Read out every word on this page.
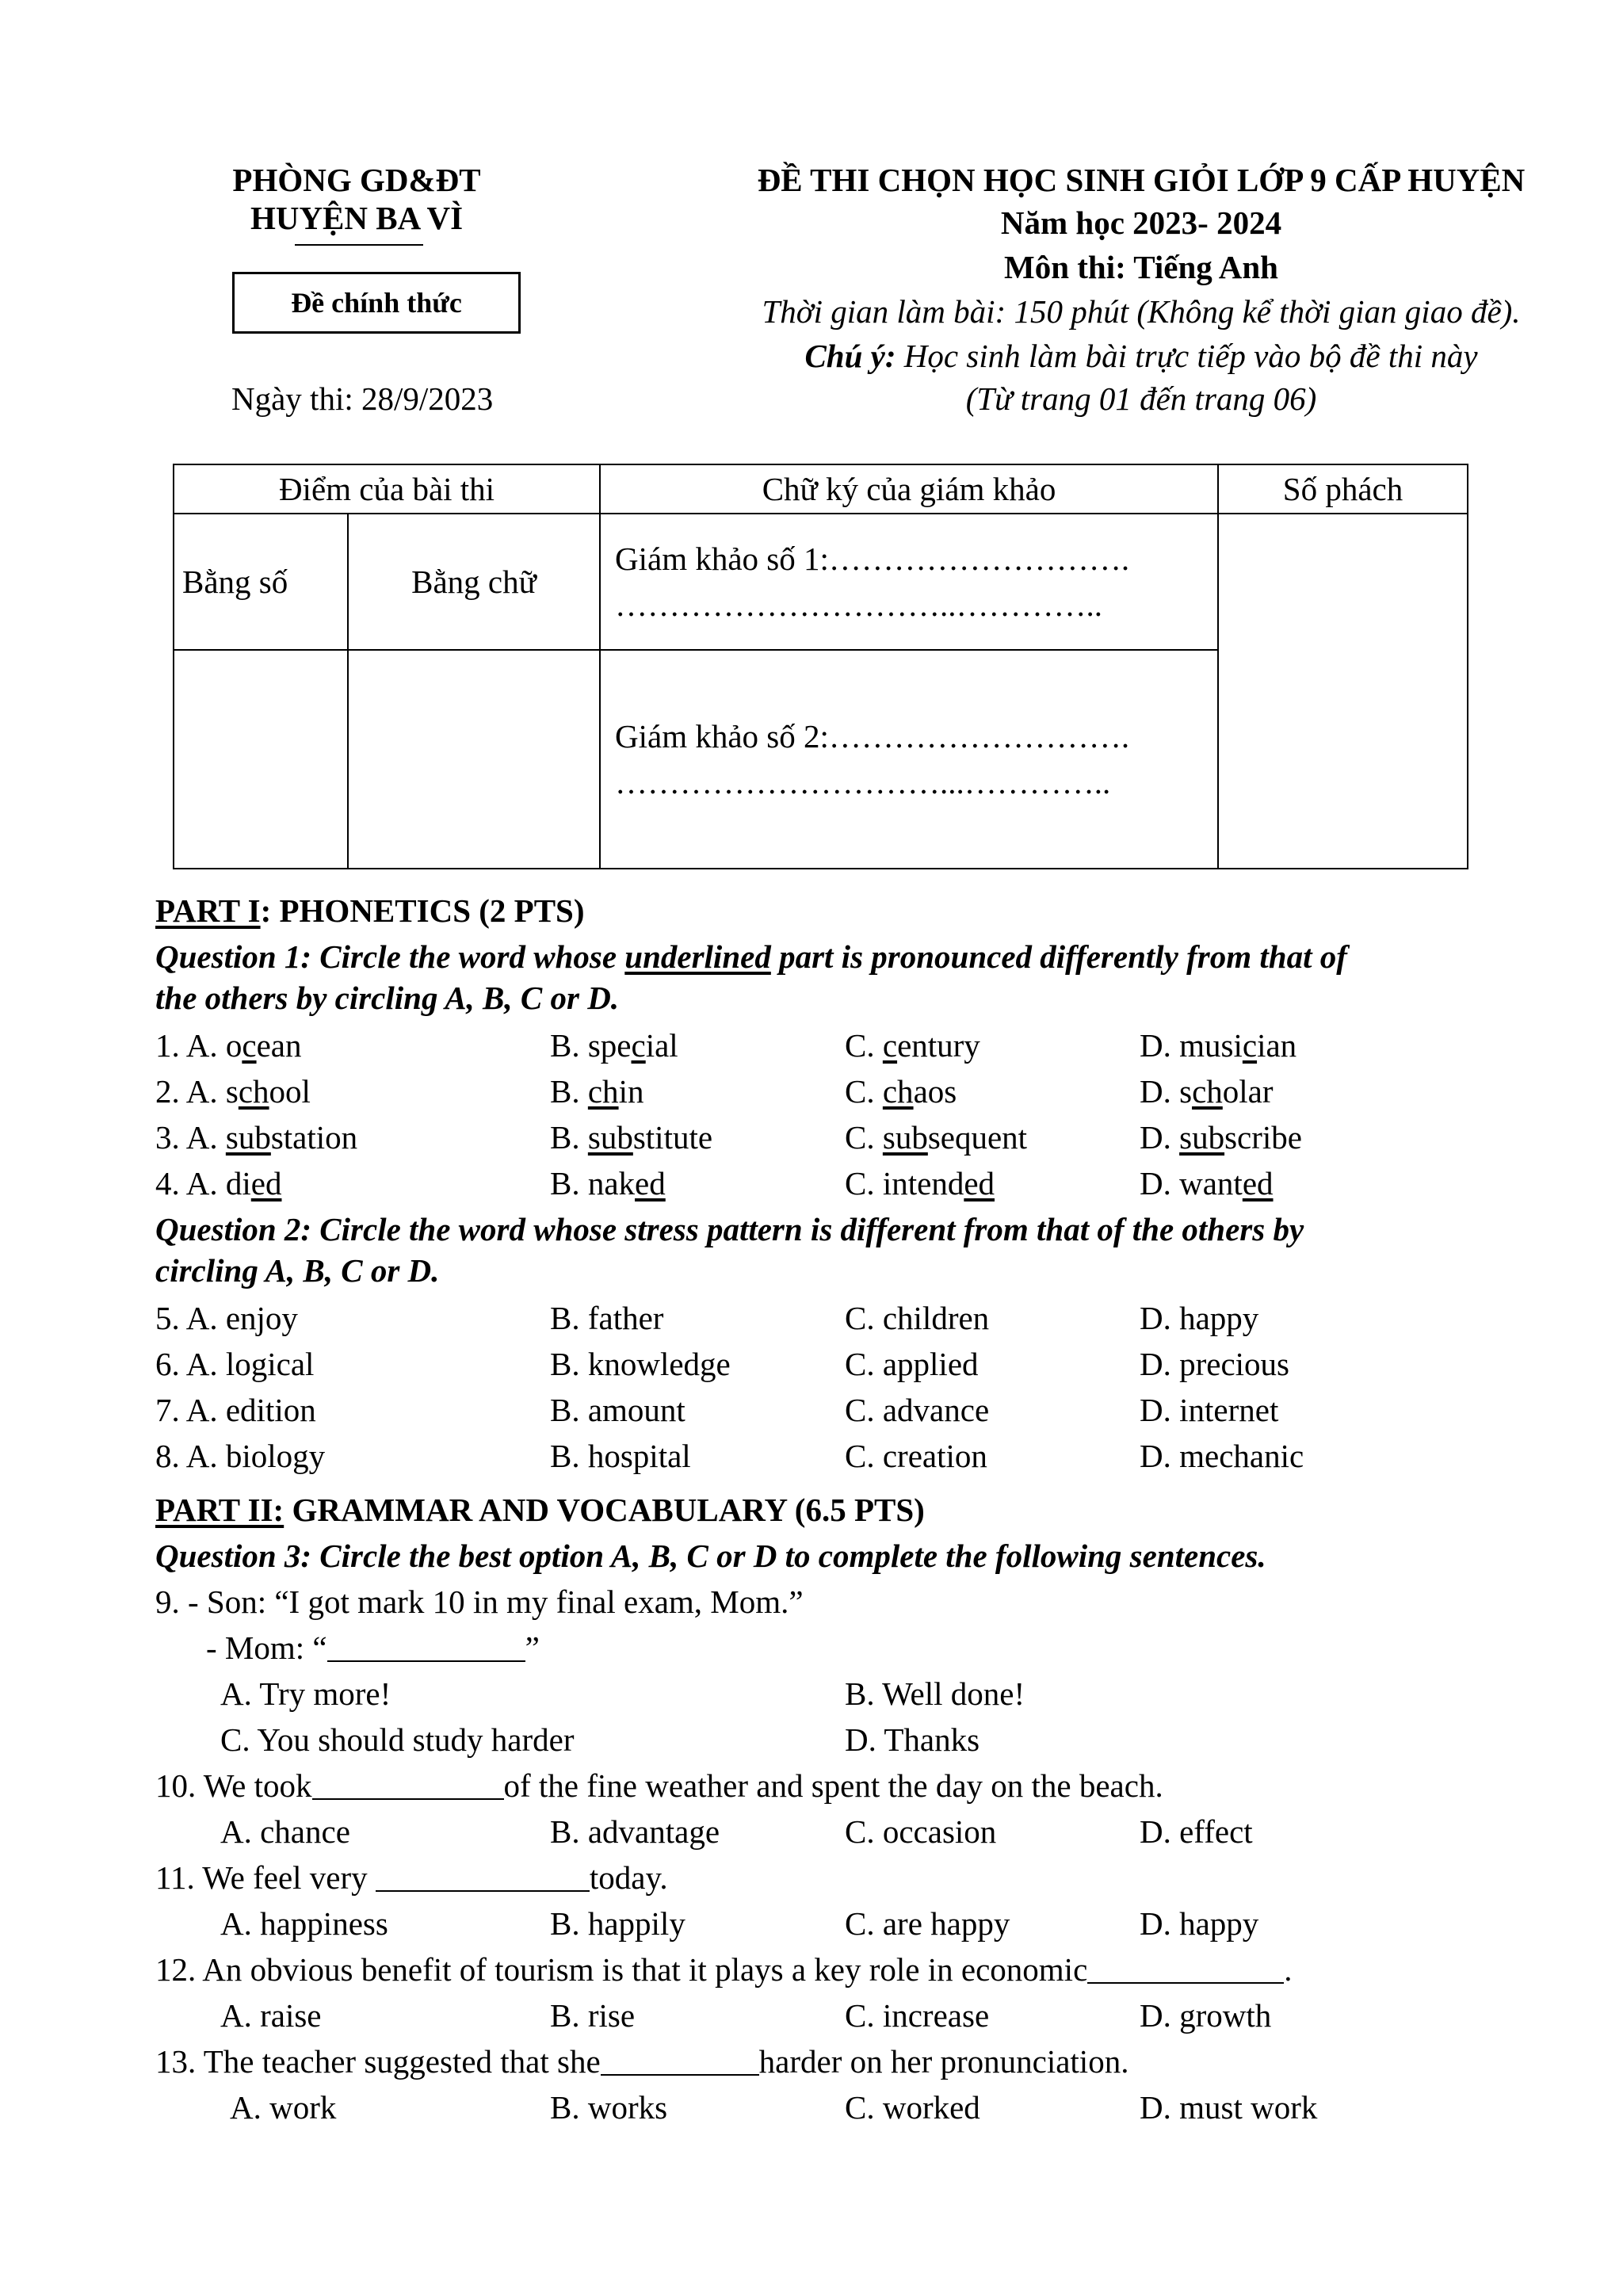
PHÒNG GD&ĐT
HUYỆN BA VÌ
Đề chính thức
Ngày thi: 28/9/2023
ĐỀ THI CHỌN HỌC SINH GIỎI LỚP 9 CẤP HUYỆN
Năm học 2023- 2024
Môn thi: Tiếng Anh
Thời gian làm bài: 150 phút (Không kể thời gian giao đề).
Chú ý: Học sinh làm bài trực tiếp vào bộ đề thi này
(Từ trang 01 đến trang 06)
Điểm của bài thi		Chữ ký của giám khảo	Số phách
Bằng số	Bằng chữ	Giám khảo số 1:……………………….
…………………………..…………..	

		Giám khảo số 2:……………………….
…………………………...…………..	
PART I: PHONETICS (2 PTS)
Question 1: Circle the word whose underlined part is pronounced differently from that of
the others by circling A, B, C or D.
1. A. ocean	B. special	C. century	D. musician
2. A. school	B. chin	C. chaos	D. scholar
3. A. substation	B. substitute	C. subsequent	D. subscribe
4. A. died	B. naked	C. intended	D. wanted
Question 2: Circle the word whose stress pattern is different from that of the others by
circling A, B, C or D.
5. A. enjoy	B. father	C. children	D. happy
6. A. logical	B. knowledge	C. applied	D. precious
7. A. edition	B. amount	C. advance	D. internet
8. A. biology	B. hospital	C. creation	D. mechanic
PART II: GRAMMAR AND VOCABULARY (6.5 PTS)
Question 3: Circle the best option A, B, C or D to complete the following sentences.
9. - Son: “I got mark 10 in my final exam, Mom.”
- Mom: “	”
A. Try more!	B. Well done!
C. You should study harder	D. Thanks
10. We took	of the fine weather and spent the day on the beach.
A. chance	B. advantage	C. occasion	D. effect
11. We feel very	today.
A. happiness	B. happily	C. are happy	D. happy
12. An obvious benefit of tourism is that it plays a key role in economic	.
A. raise	B. rise	C. increase	D. growth
13. The teacher suggested that she	harder on her pronunciation.
A. work	B. works	C. worked	D. must work
